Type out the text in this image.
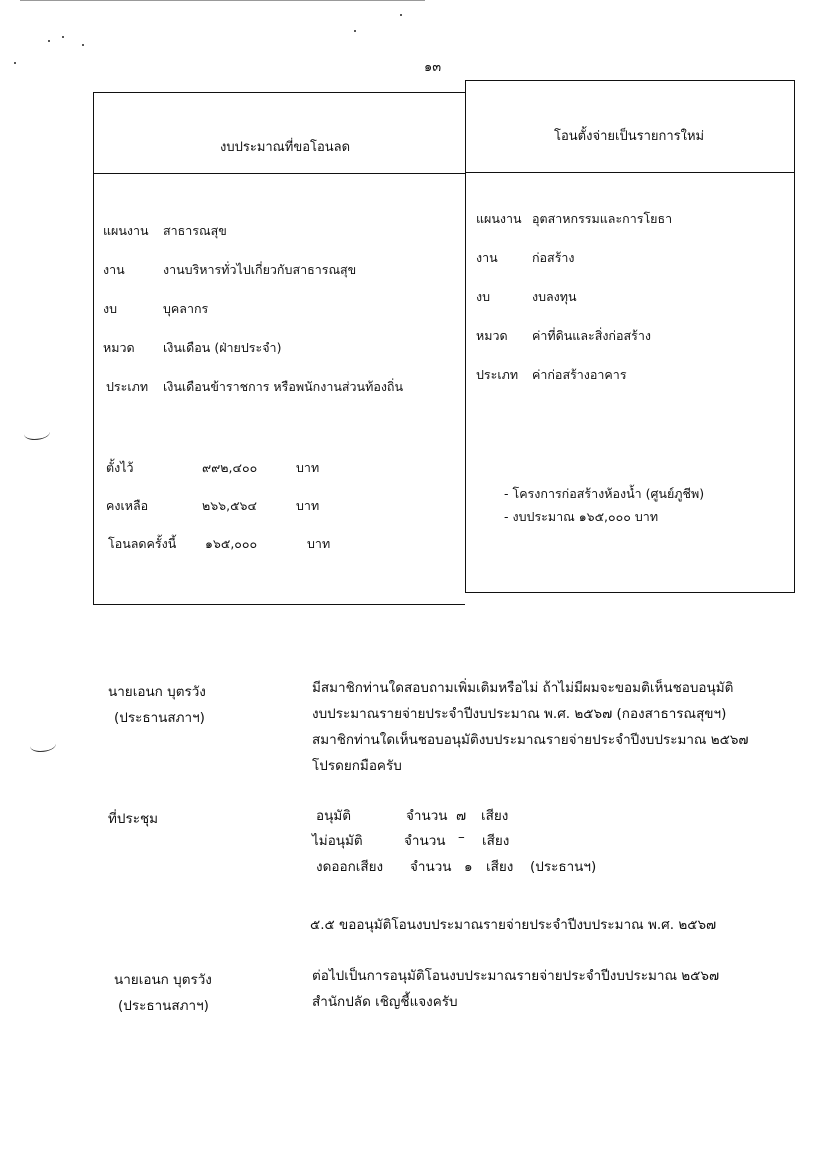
๑๓
งบประมาณที่ขอโอนลด
แผนงาน สาธารณสุข
งาน	งานบริหารทั่วไปเกี่ยวกับสาธารณสุข
งบ	บุคลากร
หมวด เงินเดือน (ฝ่ายประจำ)
ประเภท เงินเดือนข้าราชการ หรือพนักงานส่วนท้องถิ่น
ตั้งไว้	๙๙๒,๔๐๐	บาท
คงเหลือ	๒๖๖,๕๖๔	บาท
โอนลดครั้งนี้ ๑๖๕,๐๐๐	บาท
โอนตั้งจ่ายเป็นรายการใหม่
แผนงาน อุตสาหกรรมและการโยธา
งาน	ก่อสร้าง
งบ	งบลงทุน
หมวด ค่าที่ดินและสิ่งก่อสร้าง
ประเภท ค่าก่อสร้างอาคาร
- โครงการก่อสร้างห้องน้ำ (ศูนย์ภูชีพ)
- งบประมาณ ๑๖๕,๐๐๐ บาท
นายเอนก บุตรวัง
(ประธานสภาฯ)
มีสมาชิกท่านใดสอบถามเพิ่มเติมหรือไม่ ถ้าไม่มีผมจะขอมติเห็นชอบอนุมัติ
งบประมาณรายจ่ายประจำปีงบประมาณ พ.ศ. ๒๕๖๗ (กองสาธารณสุขฯ)
สมาชิกท่านใดเห็นชอบอนุมัติงบประมาณรายจ่ายประจำปีงบประมาณ ๒๕๖๗
โปรดยกมือครับ
ที่ประชุม	อนุมัติ	จำนวน ๗ เสียง
ไม่อนุมัติ	จำนวน – เสียง
งดออกเสียง จำนวน ๑ เสียง (ประธานฯ)
๕.๕ ขออนุมัติโอนงบประมาณรายจ่ายประจำปีงบประมาณ พ.ศ. ๒๕๖๗
นายเอนก บุตรวัง
(ประธานสภาฯ)
ต่อไปเป็นการอนุมัติโอนงบประมาณรายจ่ายประจำปีงบประมาณ ๒๕๖๗
สำนักปลัด เชิญชี้แจงครับ
